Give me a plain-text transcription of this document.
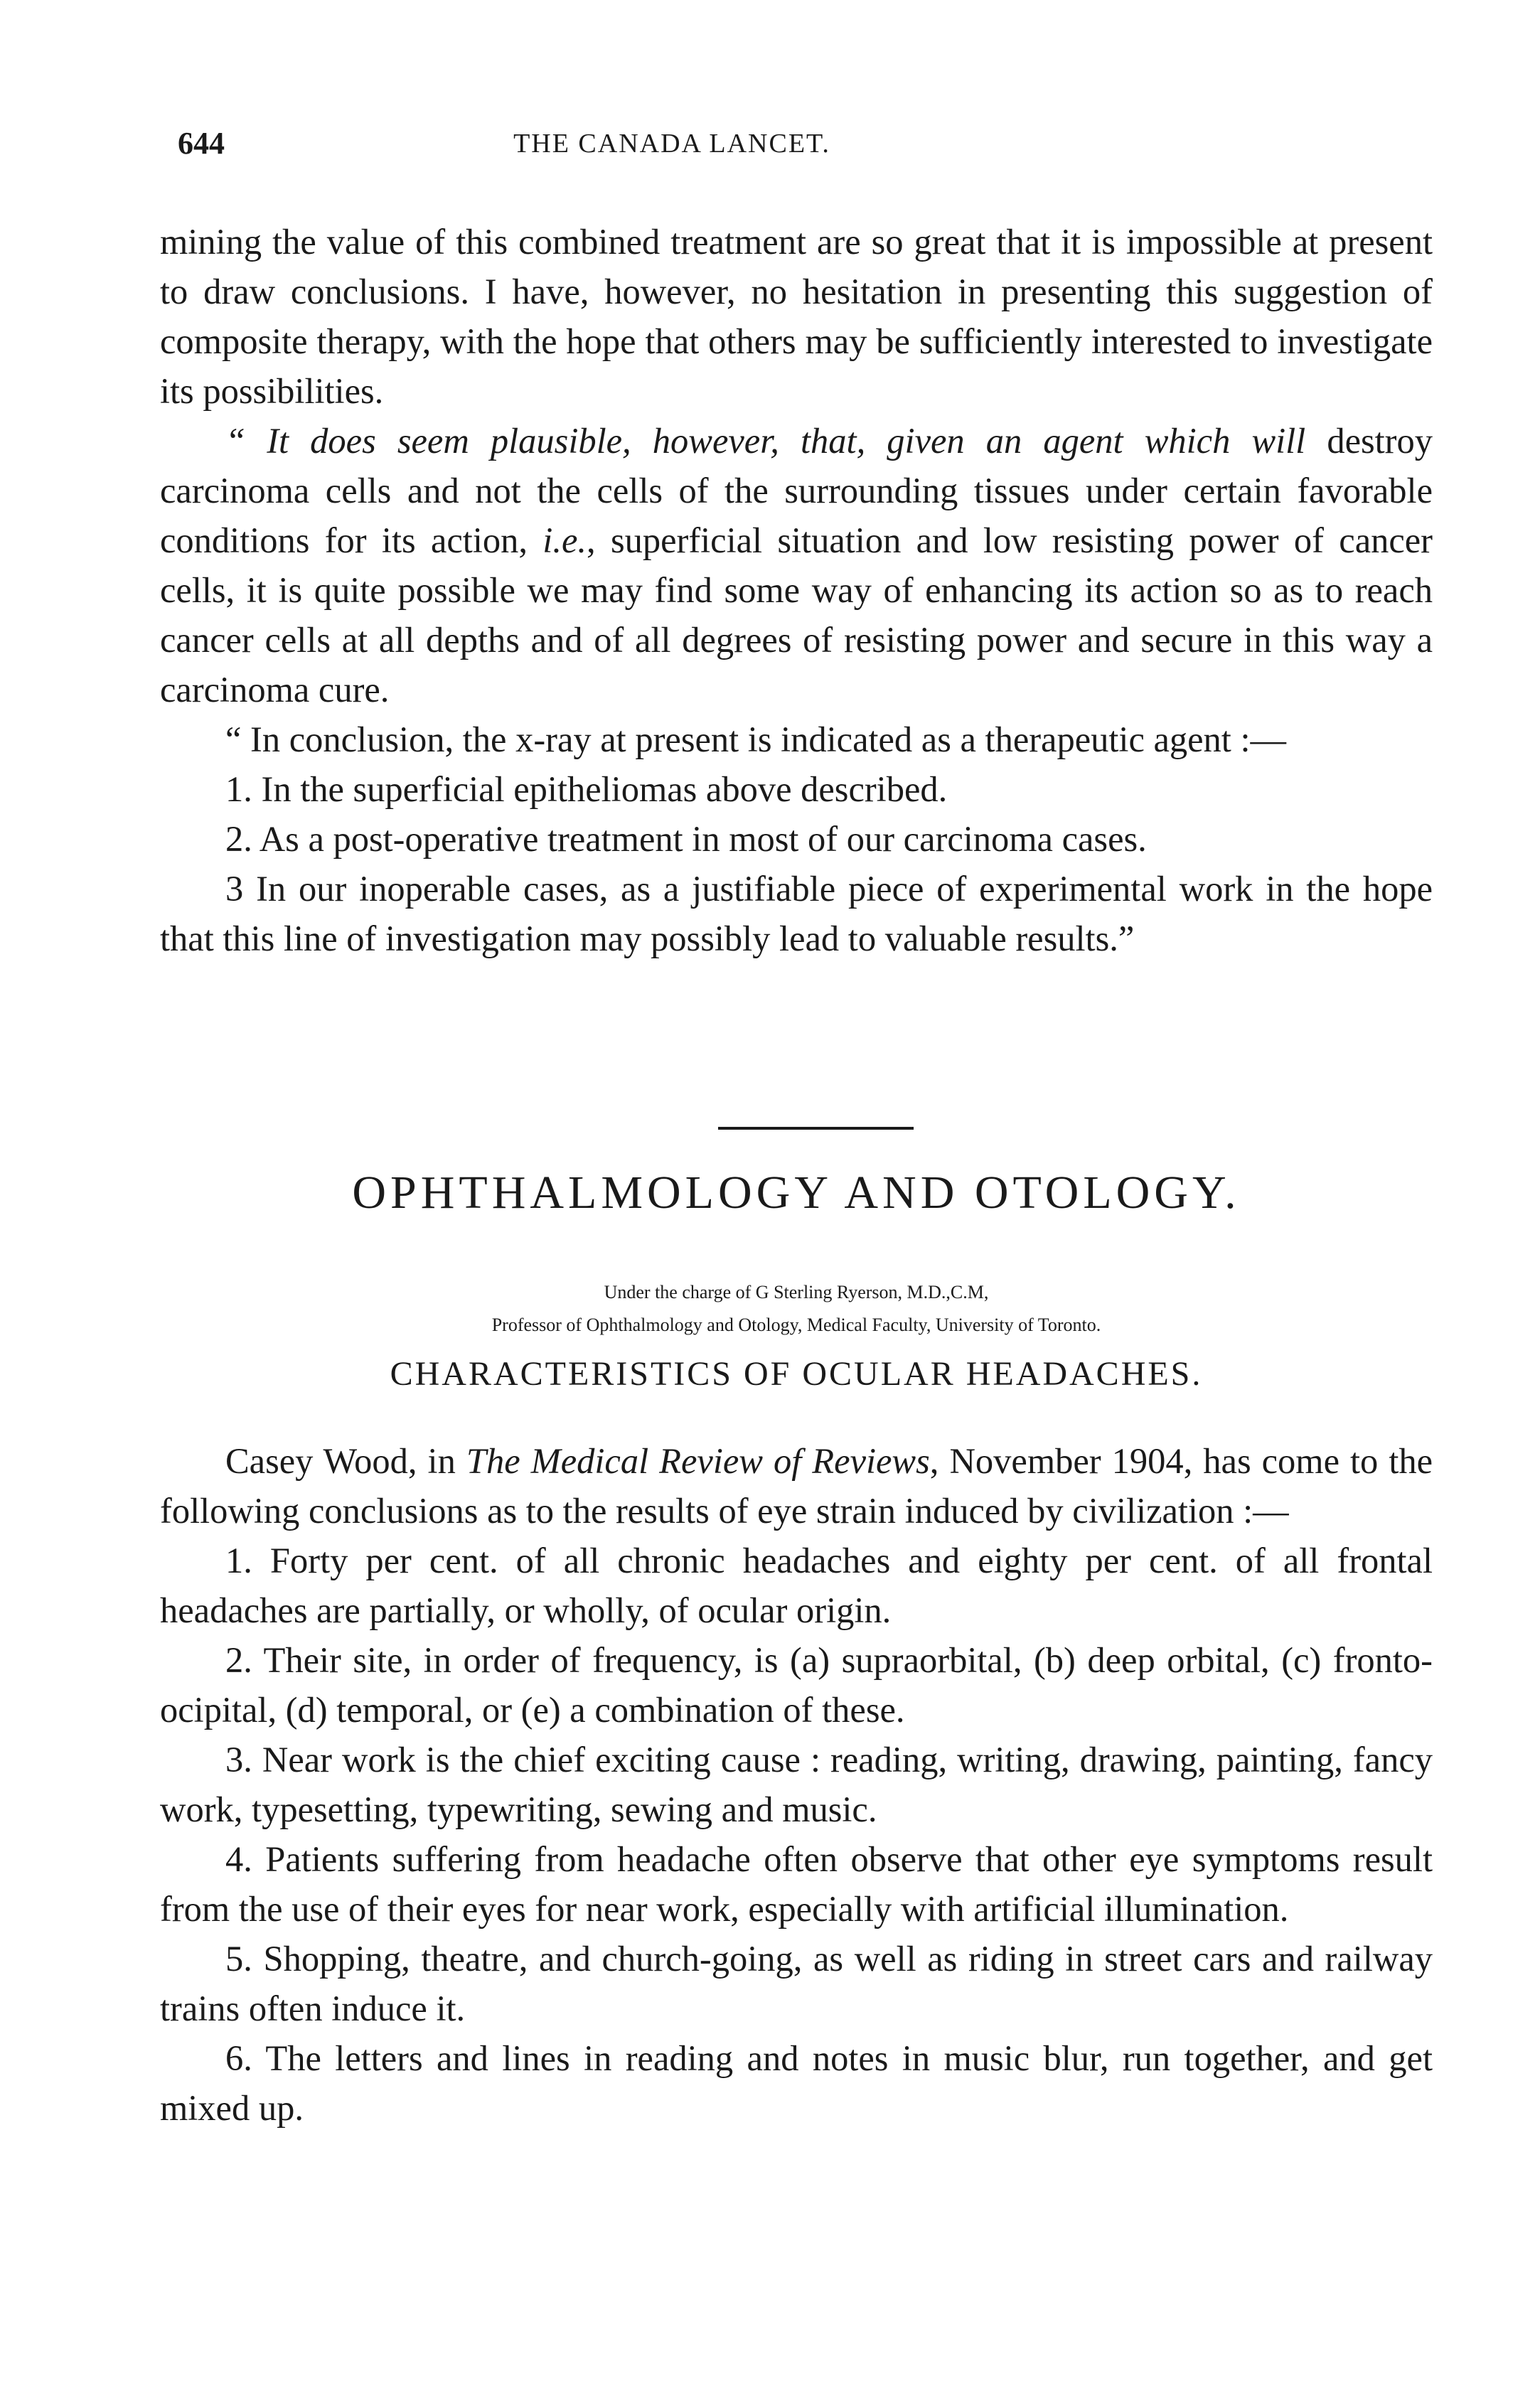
644	THE CANADA LANCET.

mining the value of this combined treatment are so great that it is impossible at present to draw conclusions. I have, however, no hesitation in presenting this suggestion of composite therapy, with the hope that others may be sufficiently interested to investigate its possibilities.

“ It does seem plausible, however, that, given an agent which will destroy carcinoma cells and not the cells of the surrounding tissues under certain favorable conditions for its action, i.e., superficial situation and low resisting power of cancer cells, it is quite possible we may find some way of enhancing its action so as to reach cancer cells at all depths and of all degrees of resisting power and secure in this way a carcinoma cure.

“ In conclusion, the x-ray at present is indicated as a therapeutic agent :—

1. In the superficial epitheliomas above described.

2. As a post-operative treatment in most of our carcinoma cases.

3 In our inoperable cases, as a justifiable piece of experimental work in the hope that this line of investigation may possibly lead to valuable results.”

OPHTHALMOLOGY AND OTOLOGY.
Under the charge of G Sterling Ryerson, M.D.,C.M,
Professor of Ophthalmology and Otology, Medical Faculty, University of Toronto.
CHARACTERISTICS OF OCULAR HEADACHES.

Casey Wood, in The Medical Review of Reviews, November 1904, has come to the following conclusions as to the results of eye strain induced by civilization :—

1. Forty per cent. of all chronic headaches and eighty per cent. of all frontal headaches are partially, or wholly, of ocular origin.

2. Their site, in order of frequency, is (a) supraorbital, (b) deep orbital, (c) fronto-ocipital, (d) temporal, or (e) a combination of these.

3. Near work is the chief exciting cause : reading, writing, drawing, painting, fancy work, typesetting, typewriting, sewing and music.

4. Patients suffering from headache often observe that other eye symptoms result from the use of their eyes for near work, especially with artificial illumination.

5. Shopping, theatre, and church-going, as well as riding in street cars and railway trains often induce it.

6. The letters and lines in reading and notes in music blur, run together, and get mixed up.
